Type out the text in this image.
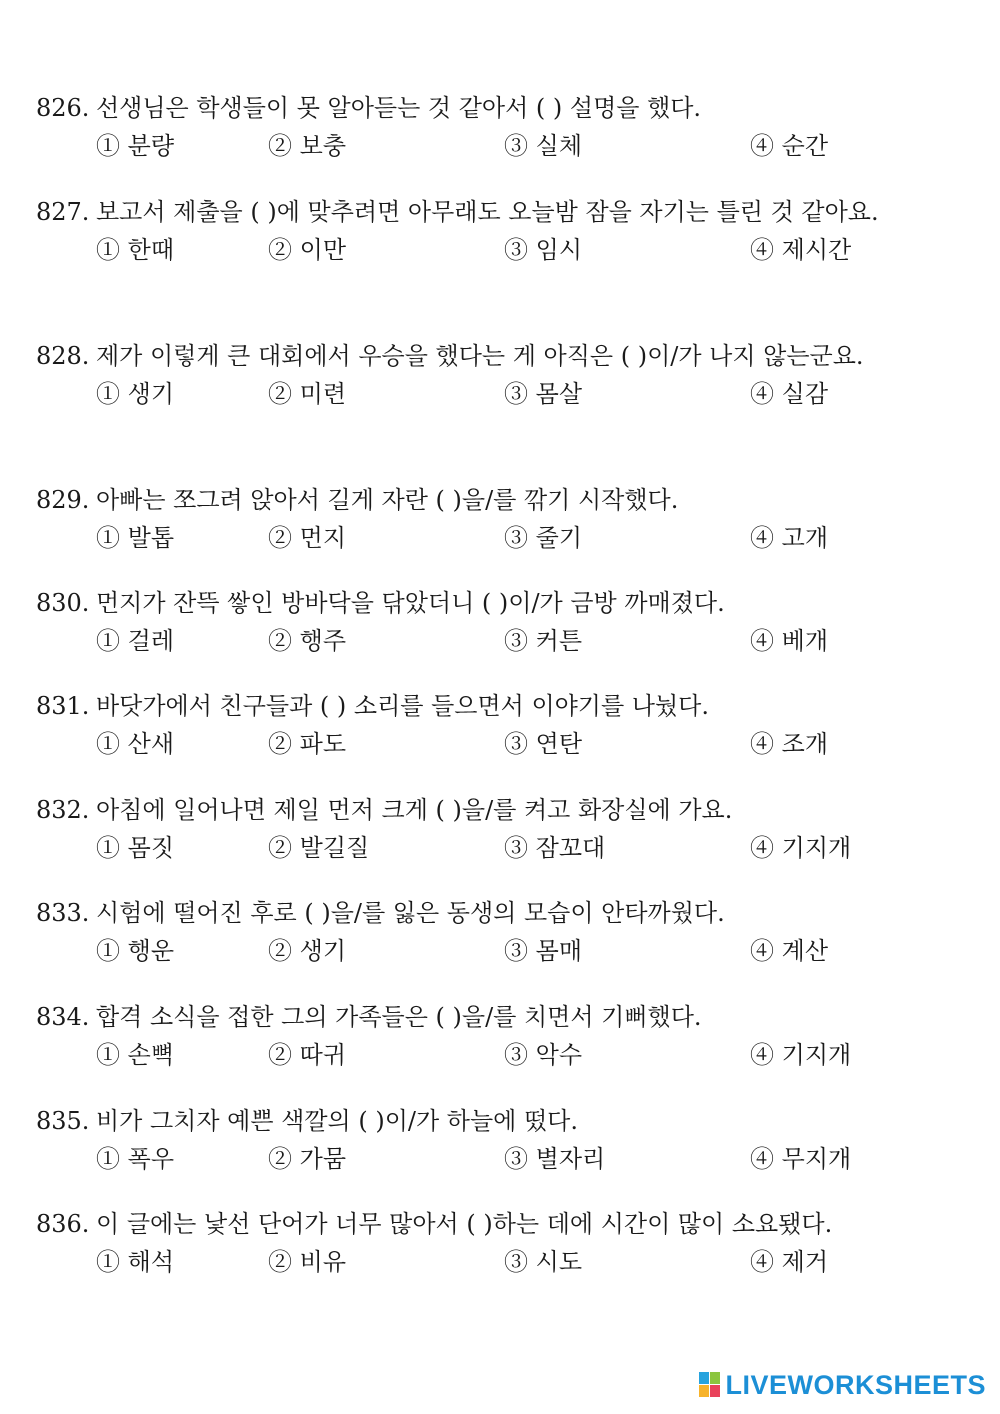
826. 선생님은 학생들이 못 알아듣는 것 같아서 ( ) 설명을 했다.
① 분량	② 보충	③ 실체	④ 순간
827. 보고서 제출을 ( )에 맞추려면 아무래도 오늘밤 잠을 자기는 틀린 것 같아요.
① 한때	② 이만	③ 임시	④ 제시간
828. 제가 이렇게 큰 대회에서 우승을 했다는 게 아직은 ( )이/가 나지 않는군요.
① 생기	② 미련	③ 몸살	④ 실감
829. 아빠는 쪼그려 앉아서 길게 자란 ( )을/를 깎기 시작했다.
① 발톱	② 먼지	③ 줄기	④ 고개
830. 먼지가 잔뜩 쌓인 방바닥을 닦았더니 ( )이/가 금방 까매졌다.
① 걸레	② 행주	③ 커튼	④ 베개
831. 바닷가에서 친구들과 ( ) 소리를 들으면서 이야기를 나눴다.
① 산새	② 파도	③ 연탄	④ 조개
832. 아침에 일어나면 제일 먼저 크게 ( )을/를 켜고 화장실에 가요.
① 몸짓	② 발길질	③ 잠꼬대	④ 기지개
833. 시험에 떨어진 후로 ( )을/를 잃은 동생의 모습이 안타까웠다.
① 행운	② 생기	③ 몸매	④ 계산
834. 합격 소식을 접한 그의 가족들은 ( )을/를 치면서 기뻐했다.
① 손뼉	② 따귀	③ 악수	④ 기지개
835. 비가 그치자 예쁜 색깔의 ( )이/가 하늘에 떴다.
① 폭우	② 가뭄	③ 별자리	④ 무지개
836. 이 글에는 낯선 단어가 너무 많아서 ( )하는 데에 시간이 많이 소요됐다.
① 해석	② 비유	③ 시도	④ 제거
LIVEWORKSHEETS
